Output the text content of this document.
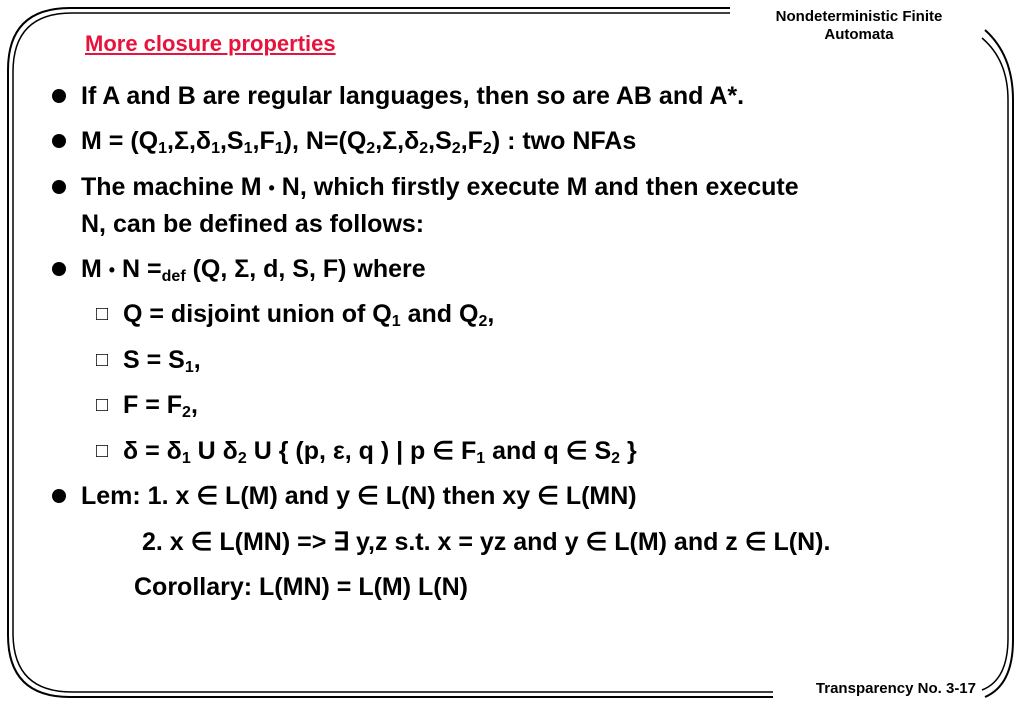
Nondeterministic Finite
Automata
More closure properties
If A and B are regular languages, then so are AB and A*.
$M = (Q_1,\Sigma,\delta_1,S_1,F_1)$, $N=(Q_2,\Sigma,\delta_2,S_2,F_2)$ : two NFAs
The machine M • N, which firstly execute M and then execute
N, can be defined as follows:
M • $N =_{def}$ (Q, Σ, d, S, F) where
□ Q = disjoint union of $Q_1$ and $Q_2$,
□ $S = S_1$,
□ $F = F_2$,
□ $\delta = \delta_1$ U $\delta_2$ U { (p, ε, q ) | p ∈ $F_1$ and q ∈ $S_2$ }
Lem: 1. x ∈ L(M) and y ∈ L(N) then xy ∈ L(MN)
2. x ∈ L(MN) => ∃ y,z s.t. x = yz and y ∈ L(M) and z ∈ L(N).
Corollary: L(MN) = L(M) L(N)
Transparency No. 3-17
